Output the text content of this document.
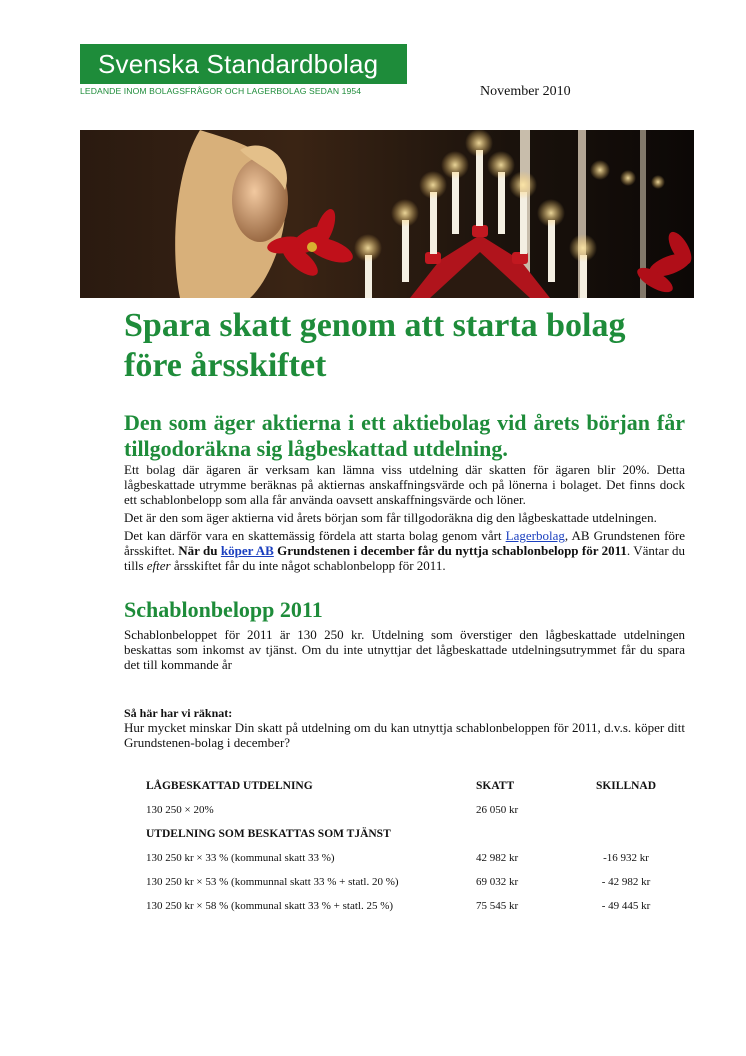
Svenska Standardbolag AB
LEDANDE INOM BOLAGSFRÅGOR OCH LAGERBOLAG SEDAN 1954	November 2010
Spara skatt genom att starta bolag före årsskiftet
Den som äger aktierna i ett aktiebolag vid årets början får tillgodoräkna sig lågbeskattad utdelning.

Ett bolag där ägaren är verksam kan lämna viss utdelning där skatten för ägaren blir 20%. Detta lågbeskattade utrymme beräknas på aktiernas anskaffningsvärde och på lönerna i bolaget. Det finns dock ett schablonbelopp som alla får använda oavsett anskaffningsvärde och löner.

Det är den som äger aktierna vid årets början som får tillgodoräkna dig den lågbeskattade utdelningen.

Det kan därför vara en skattemässig fördela att starta bolag genom vårt Lagerbolag, AB Grundstenen före årsskiftet. När du köper AB Grundstenen i december får du nyttja schablonbelopp för 2011. Väntar du tills efter årsskiftet får du inte något schablonbelopp för 2011.

Schablonbelopp 2011

Schablonbeloppet för 2011 är 130 250 kr. Utdelning som överstiger den lågbeskattade utdelningen beskattas som inkomst av tjänst. Om du inte utnyttjar det lågbeskattade utdelningsutrymmet får du spara det till kommande år

Så här har vi räknat:

Hur mycket minskar Din skatt på utdelning om du kan utnyttja schablonbeloppen för 2011, d.v.s. köper ditt Grundstenen-bolag i december?

LÅGBESKATTAD UTDELNING	SKATT	SKILLNAD
130 250 × 20%	26 050 kr	
UTDELNING SOM BESKATTAS SOM TJÄNST		
130 250 kr × 33 % (kommunal skatt 33 %)	42 982 kr	-16 932 kr
130 250 kr × 53 % (kommunnal skatt 33 % + statl. 20 %)	69 032 kr	- 42 982 kr
130 250 kr × 58 % (kommunal skatt 33 % + statl. 25 %)	75 545 kr	- 49 445 kr
